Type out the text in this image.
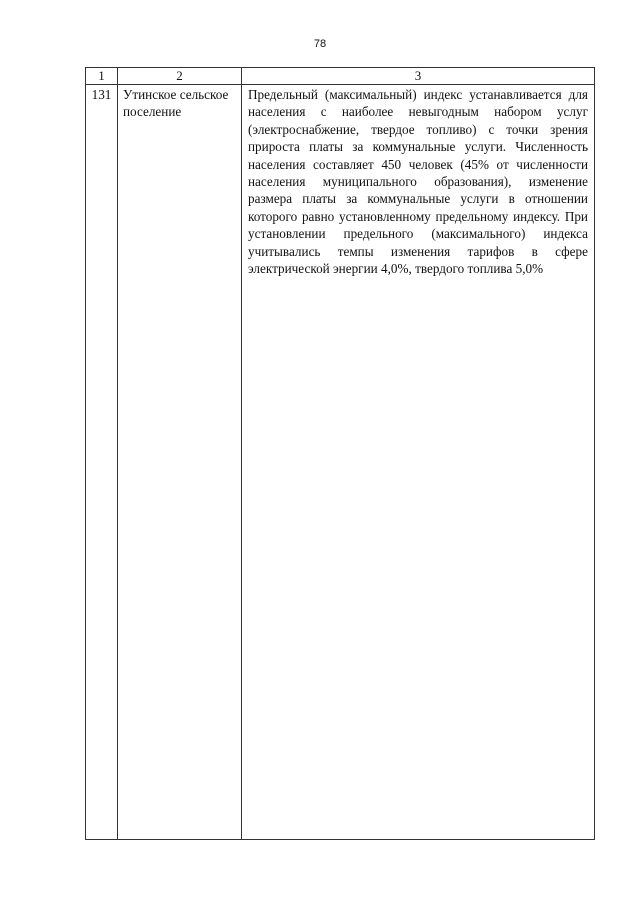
78
1	2	3
131	Утинское сельское поселение	Предельный (максимальный) индекс устанавливается для населения с наиболее невыгодным набором услуг (электроснабжение, твердое топливо) с точки зрения прироста платы за коммунальные услуги. Численность населения составляет 450 человек (45% от численности населения муниципального образования), изменение размера платы за коммунальные услуги в отношении которого равно установленному предельному индексу. При установлении предельного (максимального) индекса учитывались темпы изменения тарифов в сфере электрической энергии 4,0%, твердого топлива 5,0%
